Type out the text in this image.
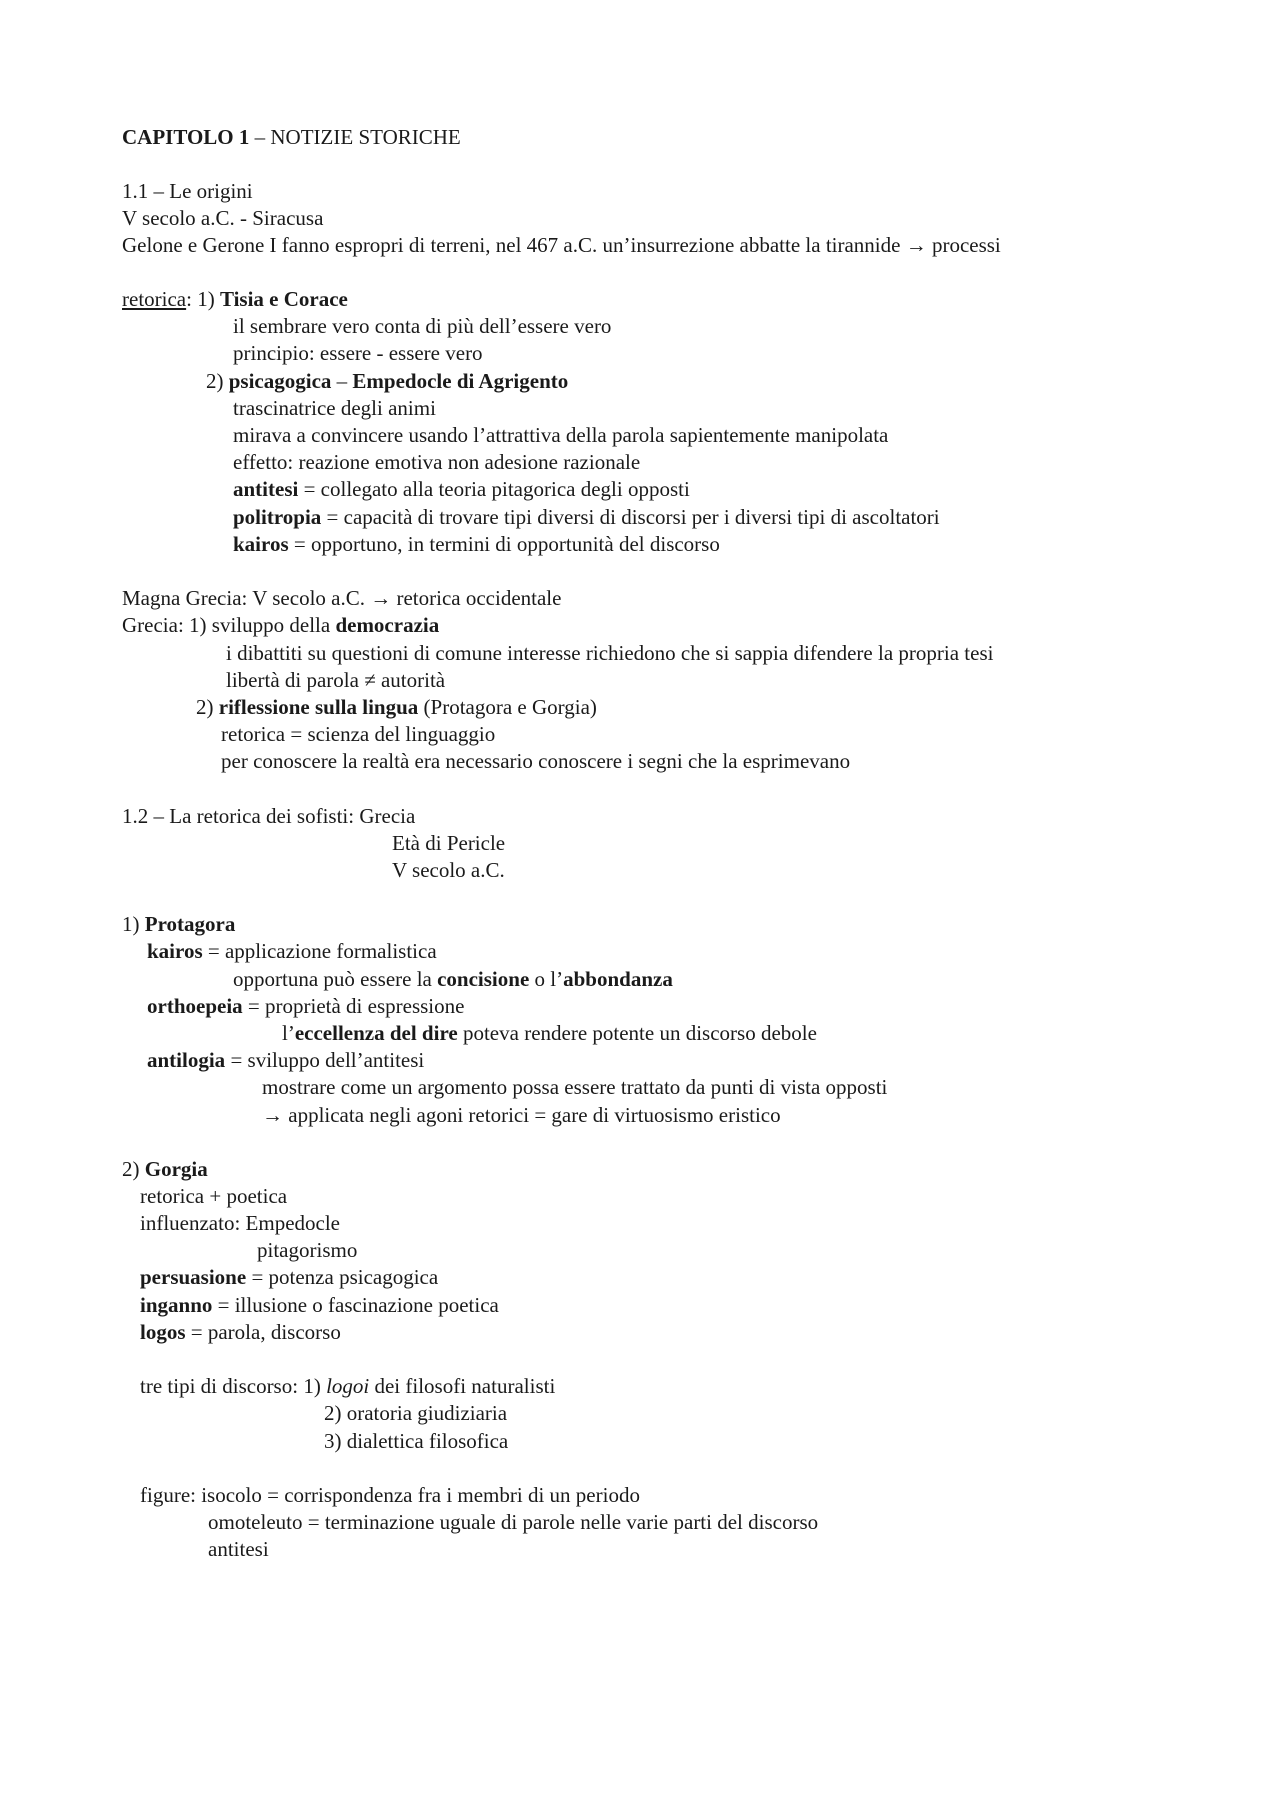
CAPITOLO 1 – NOTIZIE STORICHE
1.1 – Le origini
V secolo a.C. - Siracusa
Gelone e Gerone I fanno espropri di terreni, nel 467 a.C. un’insurrezione abbatte la tirannide → processi
retorica: 1) Tisia e Corace
il sembrare vero conta di più dell’essere vero
principio: essere - essere vero
2) psicagogica – Empedocle di Agrigento
trascinatrice degli animi
mirava a convincere usando l’attrattiva della parola sapientemente manipolata
effetto: reazione emotiva non adesione razionale
antitesi = collegato alla teoria pitagorica degli opposti
politropia = capacità di trovare tipi diversi di discorsi per i diversi tipi di ascoltatori
kairos = opportuno, in termini di opportunità del discorso
Magna Grecia: V secolo a.C. → retorica occidentale
Grecia: 1) sviluppo della democrazia
i dibattiti su questioni di comune interesse richiedono che si sappia difendere la propria tesi
libertà di parola ≠ autorità
2) riflessione sulla lingua (Protagora e Gorgia)
retorica = scienza del linguaggio
per conoscere la realtà era necessario conoscere i segni che la esprimevano
1.2 – La retorica dei sofisti: Grecia
Età di Pericle
V secolo a.C.
1) Protagora
kairos = applicazione formalistica
opportuna può essere la concisione o l’abbondanza
orthoepeia = proprietà di espressione
l’eccellenza del dire poteva rendere potente un discorso debole
antilogia = sviluppo dell’antitesi
mostrare come un argomento possa essere trattato da punti di vista opposti
→ applicata negli agoni retorici = gare di virtuosismo eristico
2) Gorgia
retorica + poetica
influenzato: Empedocle
pitagorismo
persuasione = potenza psicagogica
inganno = illusione o fascinazione poetica
logos = parola, discorso
tre tipi di discorso: 1) logoi dei filosofi naturalisti
2) oratoria giudiziaria
3) dialettica filosofica
figure: isocolo = corrispondenza fra i membri di un periodo
omoteleuto = terminazione uguale di parole nelle varie parti del discorso
antitesi
